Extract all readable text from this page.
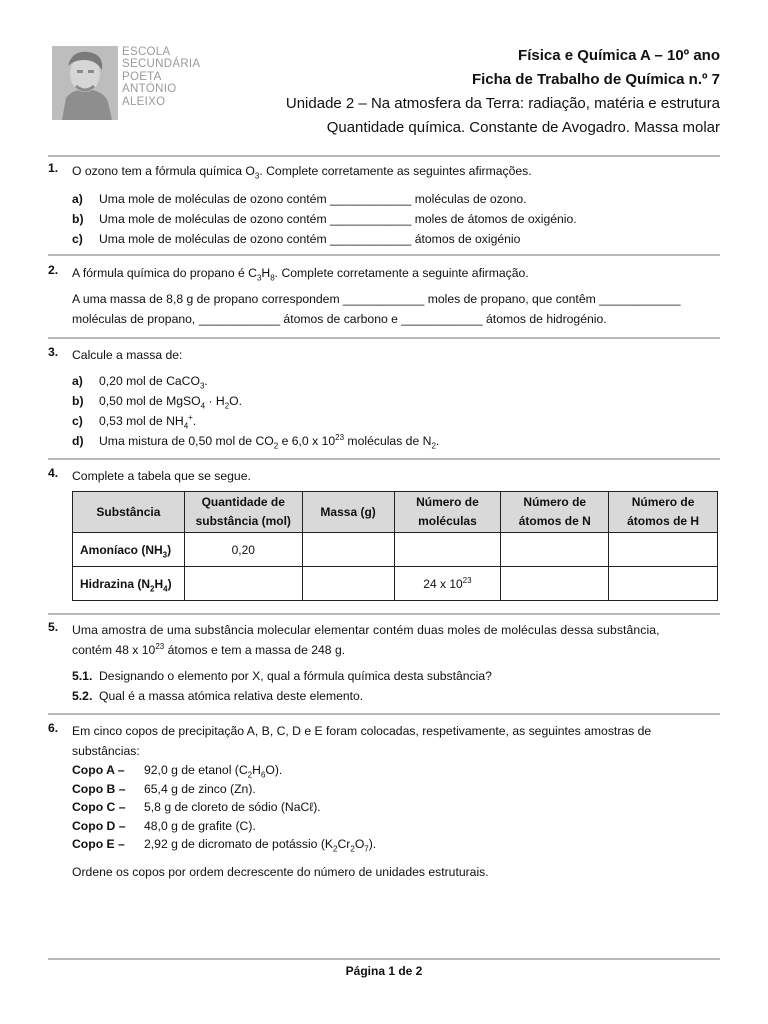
ESCOLA
SECUNDÁRIA
POETA
ANTÓNIO
ALEIXO
Física e Química A – 10º ano
Ficha de Trabalho de Química n.º 7
Unidade 2 – Na atmosfera da Terra: radiação, matéria e estrutura
Quantidade química. Constante de Avogadro. Massa molar
1. O ozono tem a fórmula química $O_3$. Complete corretamente as seguintes afirmações.
a)	Uma mole de moléculas de ozono contém ____________ moléculas de ozono.
b)	Uma mole de moléculas de ozono contém ____________ moles de átomos de oxigénio.
c)	Uma mole de moléculas de ozono contém ____________ átomos de oxigénio
2. A fórmula química do propano é $C_3H_8$. Complete corretamente a seguinte afirmação.
A uma massa de 8,8 g de propano correspondem ____________ moles de propano, que contêm ____________
moléculas de propano, ____________ átomos de carbono e ____________ átomos de hidrogénio.
3. Calcule a massa de:
a)	0,20 mol de CaCO$_3$.
b)	0,50 mol de MgSO$_4$ · $H_2O$.
c)	0,53 mol de $NH_4^+$.
d)	Uma mistura de 0,50 mol de $CO_2$ e 6,0 x $10^{23}$ moléculas de $N_2$.
4. Complete a tabela que se segue.
Substância	Quantidade de substância (mol)	Massa (g)	Número de moléculas	Número de átomos de N	Número de átomos de H
Amoníaco $(NH_3)$	0,20				
Hidrazina $(N_2H_4)$			24 x $10^{23}$		
5. Uma amostra de uma substância molecular elementar contém duas moles de moléculas dessa substância,
contém 48 x $10^{23}$ átomos e tem a massa de 248 g.
5.1. Designando o elemento por X, qual a fórmula química desta substância?
5.2. Qual é a massa atómica relativa deste elemento.
6. Em cinco copos de precipitação A, B, C, D e E foram colocadas, respetivamente, as seguintes amostras de
substâncias:
Copo A –	92,0 g de etanol $(C_2H_6O)$.
Copo B –	65,4 g de zinco (Zn).
Copo C –	5,8 g de cloreto de sódio (NaCℓ).
Copo D –	48,0 g de grafite (C).
Copo E –	2,92 g de dicromato de potássio $(K_2Cr_2O_7)$.
Ordene os copos por ordem decrescente do número de unidades estruturais.
Página 1 de 2
